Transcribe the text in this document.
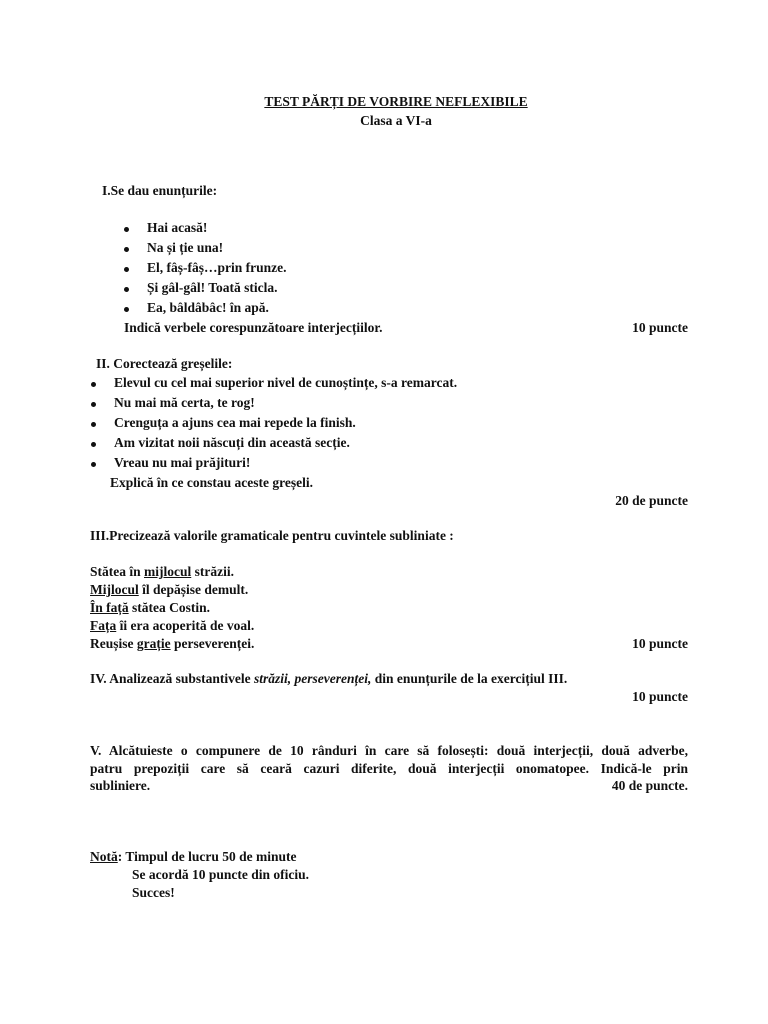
TEST PĂRȚI DE VORBIRE NEFLEXIBILE
Clasa a VI-a
I.Se dau enunțurile:
Hai acasă!
Na și ție una!
El, fâș-fâș…prin frunze.
Și gâl-gâl! Toată sticla.
Ea, bâldâbâc! în apă.
Indică verbele corespunzătoare interjecțiilor.	10 puncte
II. Corectează greșelile:
Elevul cu cel mai superior nivel de cunoștințe, s-a remarcat.
Nu mai mă certa, te rog!
Crenguța a ajuns cea mai repede la finish.
Am vizitat noii născuți din această secție.
Vreau nu mai prăjituri!
Explică în ce constau aceste greșeli.
20 de puncte
III.Precizează valorile gramaticale pentru cuvintele subliniate :
Stătea în mijlocul străzii.
Mijlocul îl depășise demult.
În față stătea Costin.
Fața îi era acoperită de voal.
Reușise grație perseverenței.	10 puncte
IV. Analizează substantivele străzii, perseverenței, din enunțurile de la exercițiul III.
10 puncte
V. Alcătuieste o compunere de 10 rânduri în care să folosești: două interjecții, două adverbe,
patru prepoziții care să ceară cazuri diferite, două interjecții onomatopee. Indică-le prin
subliniere.	40 de puncte.
Notă: Timpul de lucru 50 de minute
Se acordă 10 puncte din oficiu.
Succes!
